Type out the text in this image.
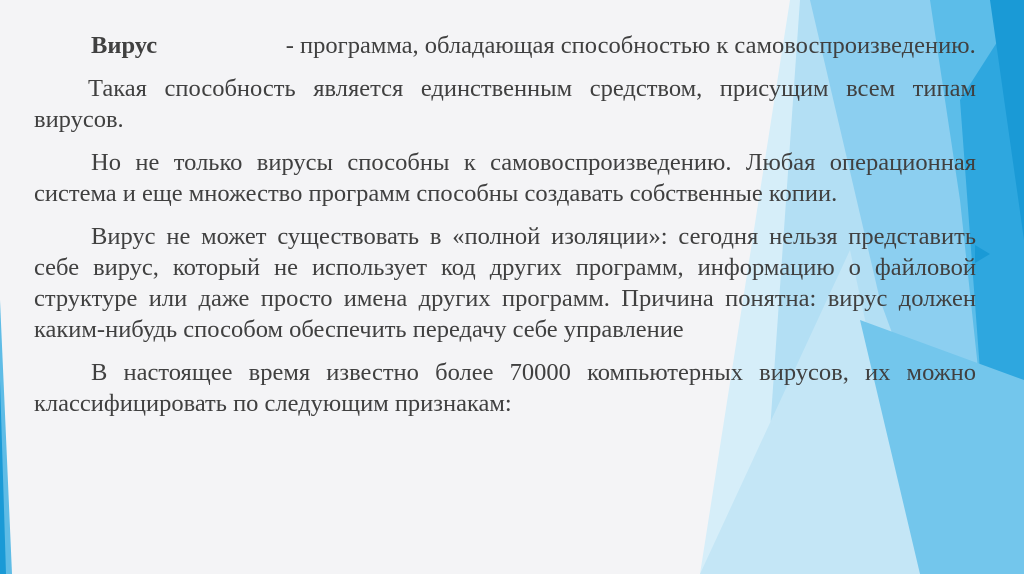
Вирус      	- программа, обладающая способностью к самовоспроизведению.

Такая способность является единственным средством, присущим всем типам вирусов.

Но не только вирусы способны к самовоспроизведению. Любая операционная система и еще множество программ способны создавать собственные копии.

Вирус не может существовать в «полной изоляции»: сегодня нельзя представить себе вирус, который не использует код других программ, информацию о файловой структуре или даже просто имена других программ. Причина понятна: вирус должен каким-нибудь способом обеспечить передачу себе управление

В настоящее время известно более 70000 компьютерных вирусов, их можно классифицировать по следующим признакам:
